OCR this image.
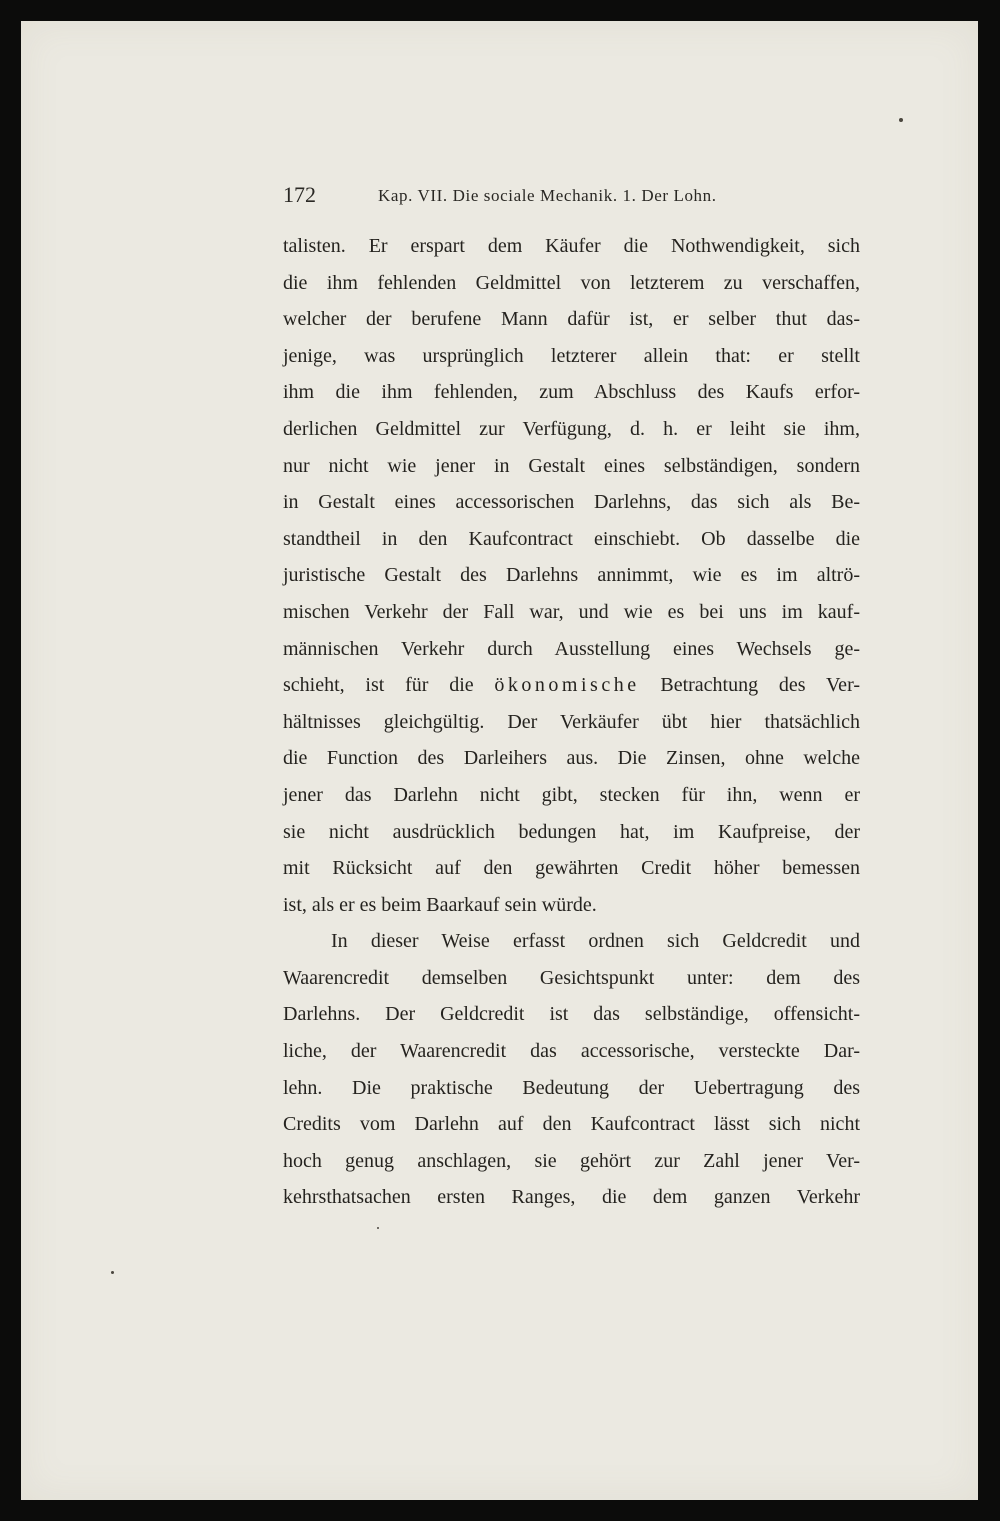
172	Kap. VII. Die sociale Mechanik. 1. Der Lohn.
talisten. Er erspart dem Käufer die Nothwendigkeit, sich
die ihm fehlenden Geldmittel von letzterem zu verschaffen,
welcher der berufene Mann dafür ist, er selber thut das-
jenige, was ursprünglich letzterer allein that: er stellt
ihm die ihm fehlenden, zum Abschluss des Kaufs erfor-
derlichen Geldmittel zur Verfügung, d. h. er leiht sie ihm,
nur nicht wie jener in Gestalt eines selbständigen, sondern
in Gestalt eines accessorischen Darlehns, das sich als Be-
standtheil in den Kaufcontract einschiebt. Ob dasselbe die
juristische Gestalt des Darlehns annimmt, wie es im altrö-
mischen Verkehr der Fall war, und wie es bei uns im kauf-
männischen Verkehr durch Ausstellung eines Wechsels ge-
schieht, ist für die ökonomische Betrachtung des Ver-
hältnisses gleichgültig. Der Verkäufer übt hier thatsächlich
die Function des Darleihers aus. Die Zinsen, ohne welche
jener das Darlehn nicht gibt, stecken für ihn, wenn er
sie nicht ausdrücklich bedungen hat, im Kaufpreise, der
mit Rücksicht auf den gewährten Credit höher bemessen
ist, als er es beim Baarkauf sein würde.
In dieser Weise erfasst ordnen sich Geldcredit und
Waarencredit demselben Gesichtspunkt unter: dem des
Darlehns. Der Geldcredit ist das selbständige, offensicht-
liche, der Waarencredit das accessorische, versteckte Dar-
lehn. Die praktische Bedeutung der Uebertragung des
Credits vom Darlehn auf den Kaufcontract lässt sich nicht
hoch genug anschlagen, sie gehört zur Zahl jener Ver-
kehrsthatsachen ersten Ranges, die dem ganzen Verkehr
